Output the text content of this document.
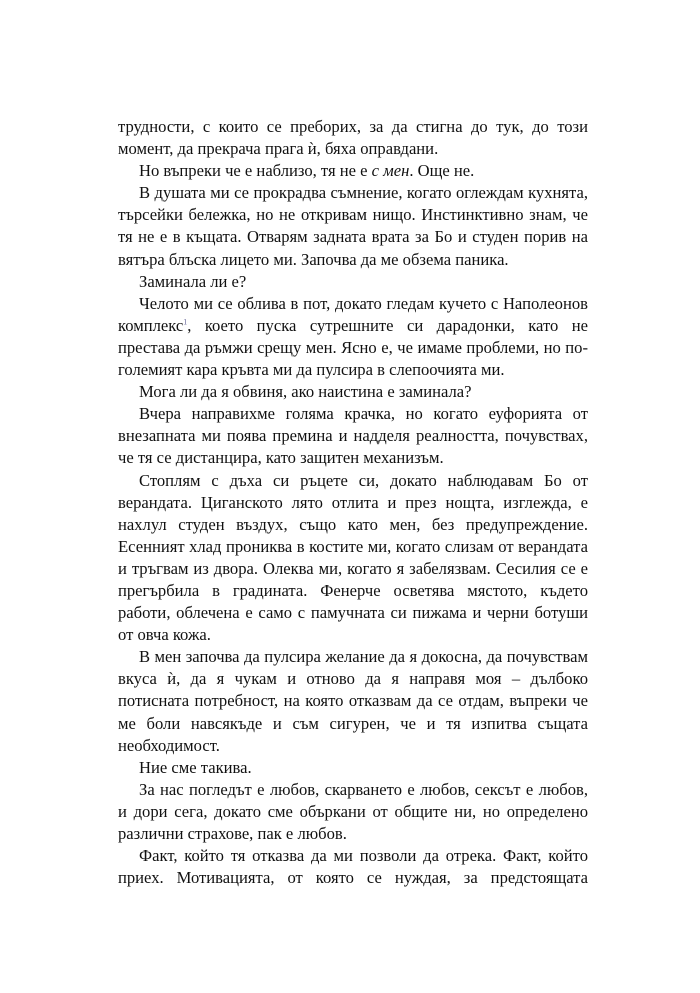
трудности, с които се преборих, за да стигна до тук, до този момент, да прекрача прага ѝ, бяха оправдани.

Но въпреки че е наблизо, тя не е с мен. Още не.

В душата ми се прокрадва съмнение, когато оглеждам кухнята, търсейки бележка, но не откривам нищо. Инстинктивно знам, че тя не е в къщата. Отварям задната врата за Бо и студен порив на вятъра блъска лицето ми. Започва да ме обзема паника.

Заминала ли е?

Челото ми се облива в пот, докато гледам кучето с Наполеонов комплекс$^1$, което пуска сутрешните си дарадонки, като не престава да ръмжи срещу мен. Ясно е, че имаме проблеми, но по-големият кара кръвта ми да пулсира в слепоочията ми.

Мога ли да я обвиня, ако наистина е заминала?

Вчера направихме голяма крачка, но когато еуфорията от внезапната ми поява премина и надделя реалността, почувствах, че тя се дистанцира, като защитен механизъм.

Стоплям с дъха си ръцете си, докато наблюдавам Бо от верандата. Циганското лято отлита и през нощта, изглежда, е нахлул студен въздух, също като мен, без предупреждение. Есенният хлад прониква в костите ми, когато слизам от верандата и тръгвам из двора. Олеква ми, когато я забелязвам. Сесилия се е прегърбила в градината. Фенерче осветява мястото, където работи, облечена е само с памучната си пижама и черни ботуши от овча кожа.

В мен започва да пулсира желание да я докосна, да почувствам вкуса ѝ, да я чукам и отново да я направя моя – дълбоко потисната потребност, на която отказвам да се отдам, въпреки че ме боли навсякъде и съм сигурен, че и тя изпитва същата необходимост.

Ние сме такива.

За нас погледът е любов, скарването е любов, сексът е любов, и дори сега, докато сме объркани от общите ни, но определено различни страхове, пак е любов.

Факт, който тя отказва да ми позволи да отрека. Факт, който приех. Мотивацията, от която се нуждая, за предстоящата
